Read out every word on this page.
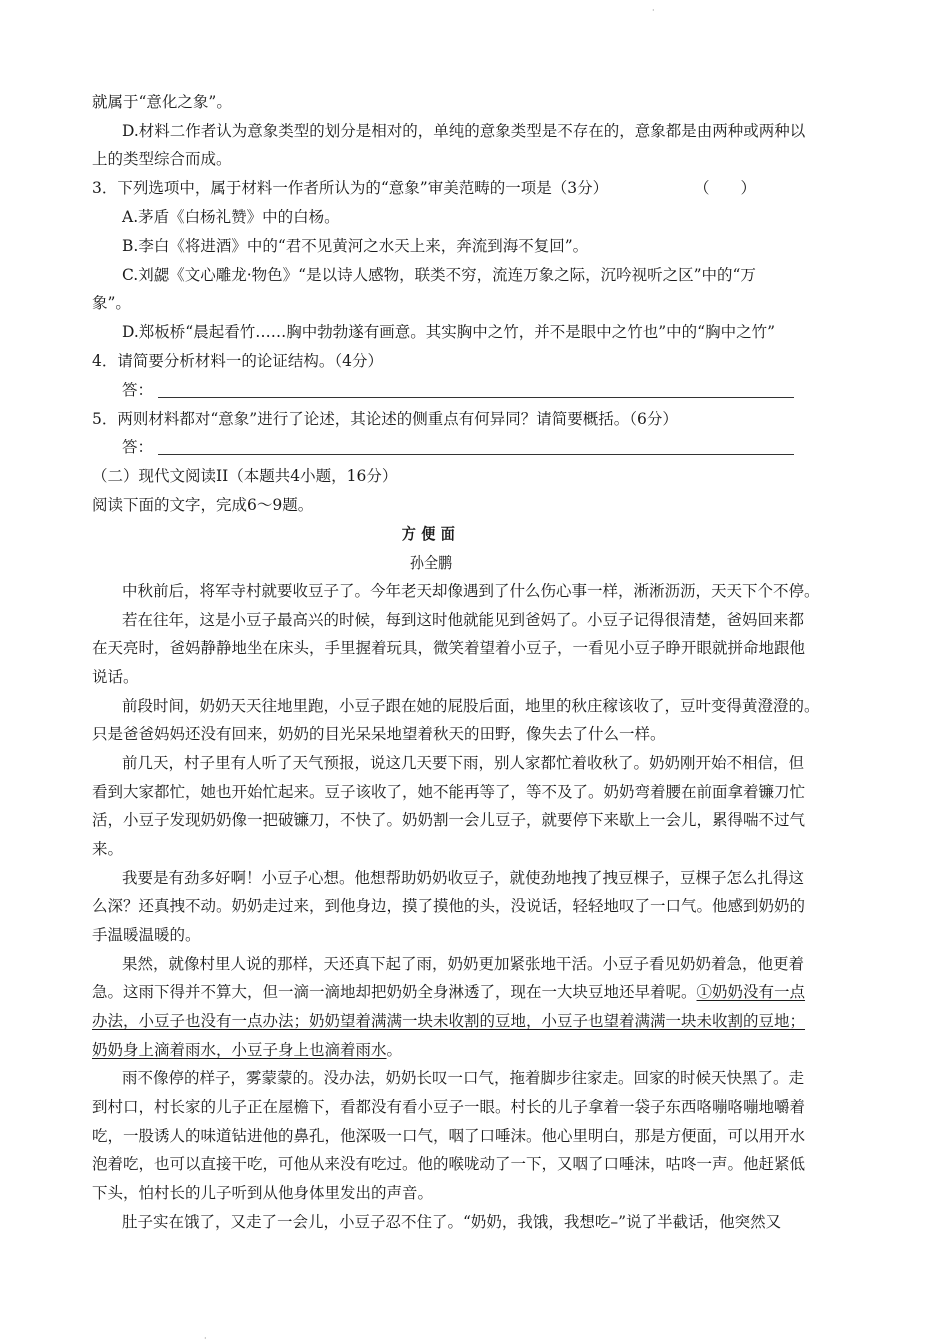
·
就属于“意化之象”。
D.材料二作者认为意象类型的划分是相对的，单纯的意象类型是不存在的，意象都是由两种或两种以
上的类型综合而成。
3．下列选项中，属于材料一作者所认为的“意象”审美范畴的一项是（3分）	（　　）
A.茅盾《白杨礼赞》中的白杨。
B.李白《将进酒》中的“君不见黄河之水天上来，奔流到海不复回”。
C.刘勰《文心雕龙·物色》“是以诗人感物，联类不穷，流连万象之际，沉吟视听之区”中的“万
象”。
D.郑板桥“晨起看竹……胸中勃勃遂有画意。其实胸中之竹，并不是眼中之竹也”中的“胸中之竹”
4．请简要分析材料一的论证结构。（4分）
答：
5．两则材料都对“意象”进行了论述，其论述的侧重点有何异同？请简要概括。（6分）
答：
（二）现代文阅读II（本题共4小题，16分）
阅读下面的文字，完成6～9题。
方便面
孙全鹏
中秋前后，将军寺村就要收豆子了。今年老天却像遇到了什么伤心事一样，淅淅沥沥，天天下个不停。
若在往年，这是小豆子最高兴的时候，每到这时他就能见到爸妈了。小豆子记得很清楚，爸妈回来都
在天亮时，爸妈静静地坐在床头，手里握着玩具，微笑着望着小豆子，一看见小豆子睁开眼就拼命地跟他
说话。
前段时间，奶奶天天往地里跑，小豆子跟在她的屁股后面，地里的秋庄稼该收了，豆叶变得黄澄澄的。
只是爸爸妈妈还没有回来，奶奶的目光呆呆地望着秋天的田野，像失去了什么一样。
前几天，村子里有人听了天气预报，说这几天要下雨，别人家都忙着收秋了。奶奶刚开始不相信，但
看到大家都忙，她也开始忙起来。豆子该收了，她不能再等了，等不及了。奶奶弯着腰在前面拿着镰刀忙
活，小豆子发现奶奶像一把破镰刀，不快了。奶奶割一会儿豆子，就要停下来歇上一会儿，累得喘不过气
来。
我要是有劲多好啊！小豆子心想。他想帮助奶奶收豆子，就使劲地拽了拽豆棵子，豆棵子怎么扎得这
么深？还真拽不动。奶奶走过来，到他身边，摸了摸他的头，没说话，轻轻地叹了一口气。他感到奶奶的
手温暖温暖的。
果然，就像村里人说的那样，天还真下起了雨，奶奶更加紧张地干活。小豆子看见奶奶着急，他更着
急。这雨下得并不算大，但一滴一滴地却把奶奶全身淋透了，现在一大块豆地还早着呢。①奶奶没有一点
办法，小豆子也没有一点办法；奶奶望着满满一块未收割的豆地，小豆子也望着满满一块未收割的豆地；
奶奶身上滴着雨水，小豆子身上也滴着雨水。
雨不像停的样子，雾蒙蒙的。没办法，奶奶长叹一口气，拖着脚步往家走。回家的时候天快黑了。走
到村口，村长家的儿子正在屋檐下，看都没有看小豆子一眼。村长的儿子拿着一袋子东西咯嘣咯嘣地嚼着
吃，一股诱人的味道钻进他的鼻孔，他深吸一口气，咽了口唾沫。他心里明白，那是方便面，可以用开水
泡着吃，也可以直接干吃，可他从来没有吃过。他的喉咙动了一下，又咽了口唾沫，咕咚一声。他赶紧低
下头，怕村长的儿子听到从他身体里发出的声音。
肚子实在饿了，又走了一会儿，小豆子忍不住了。“奶奶，我饿，我想吃–”说了半截话，他突然又
·
